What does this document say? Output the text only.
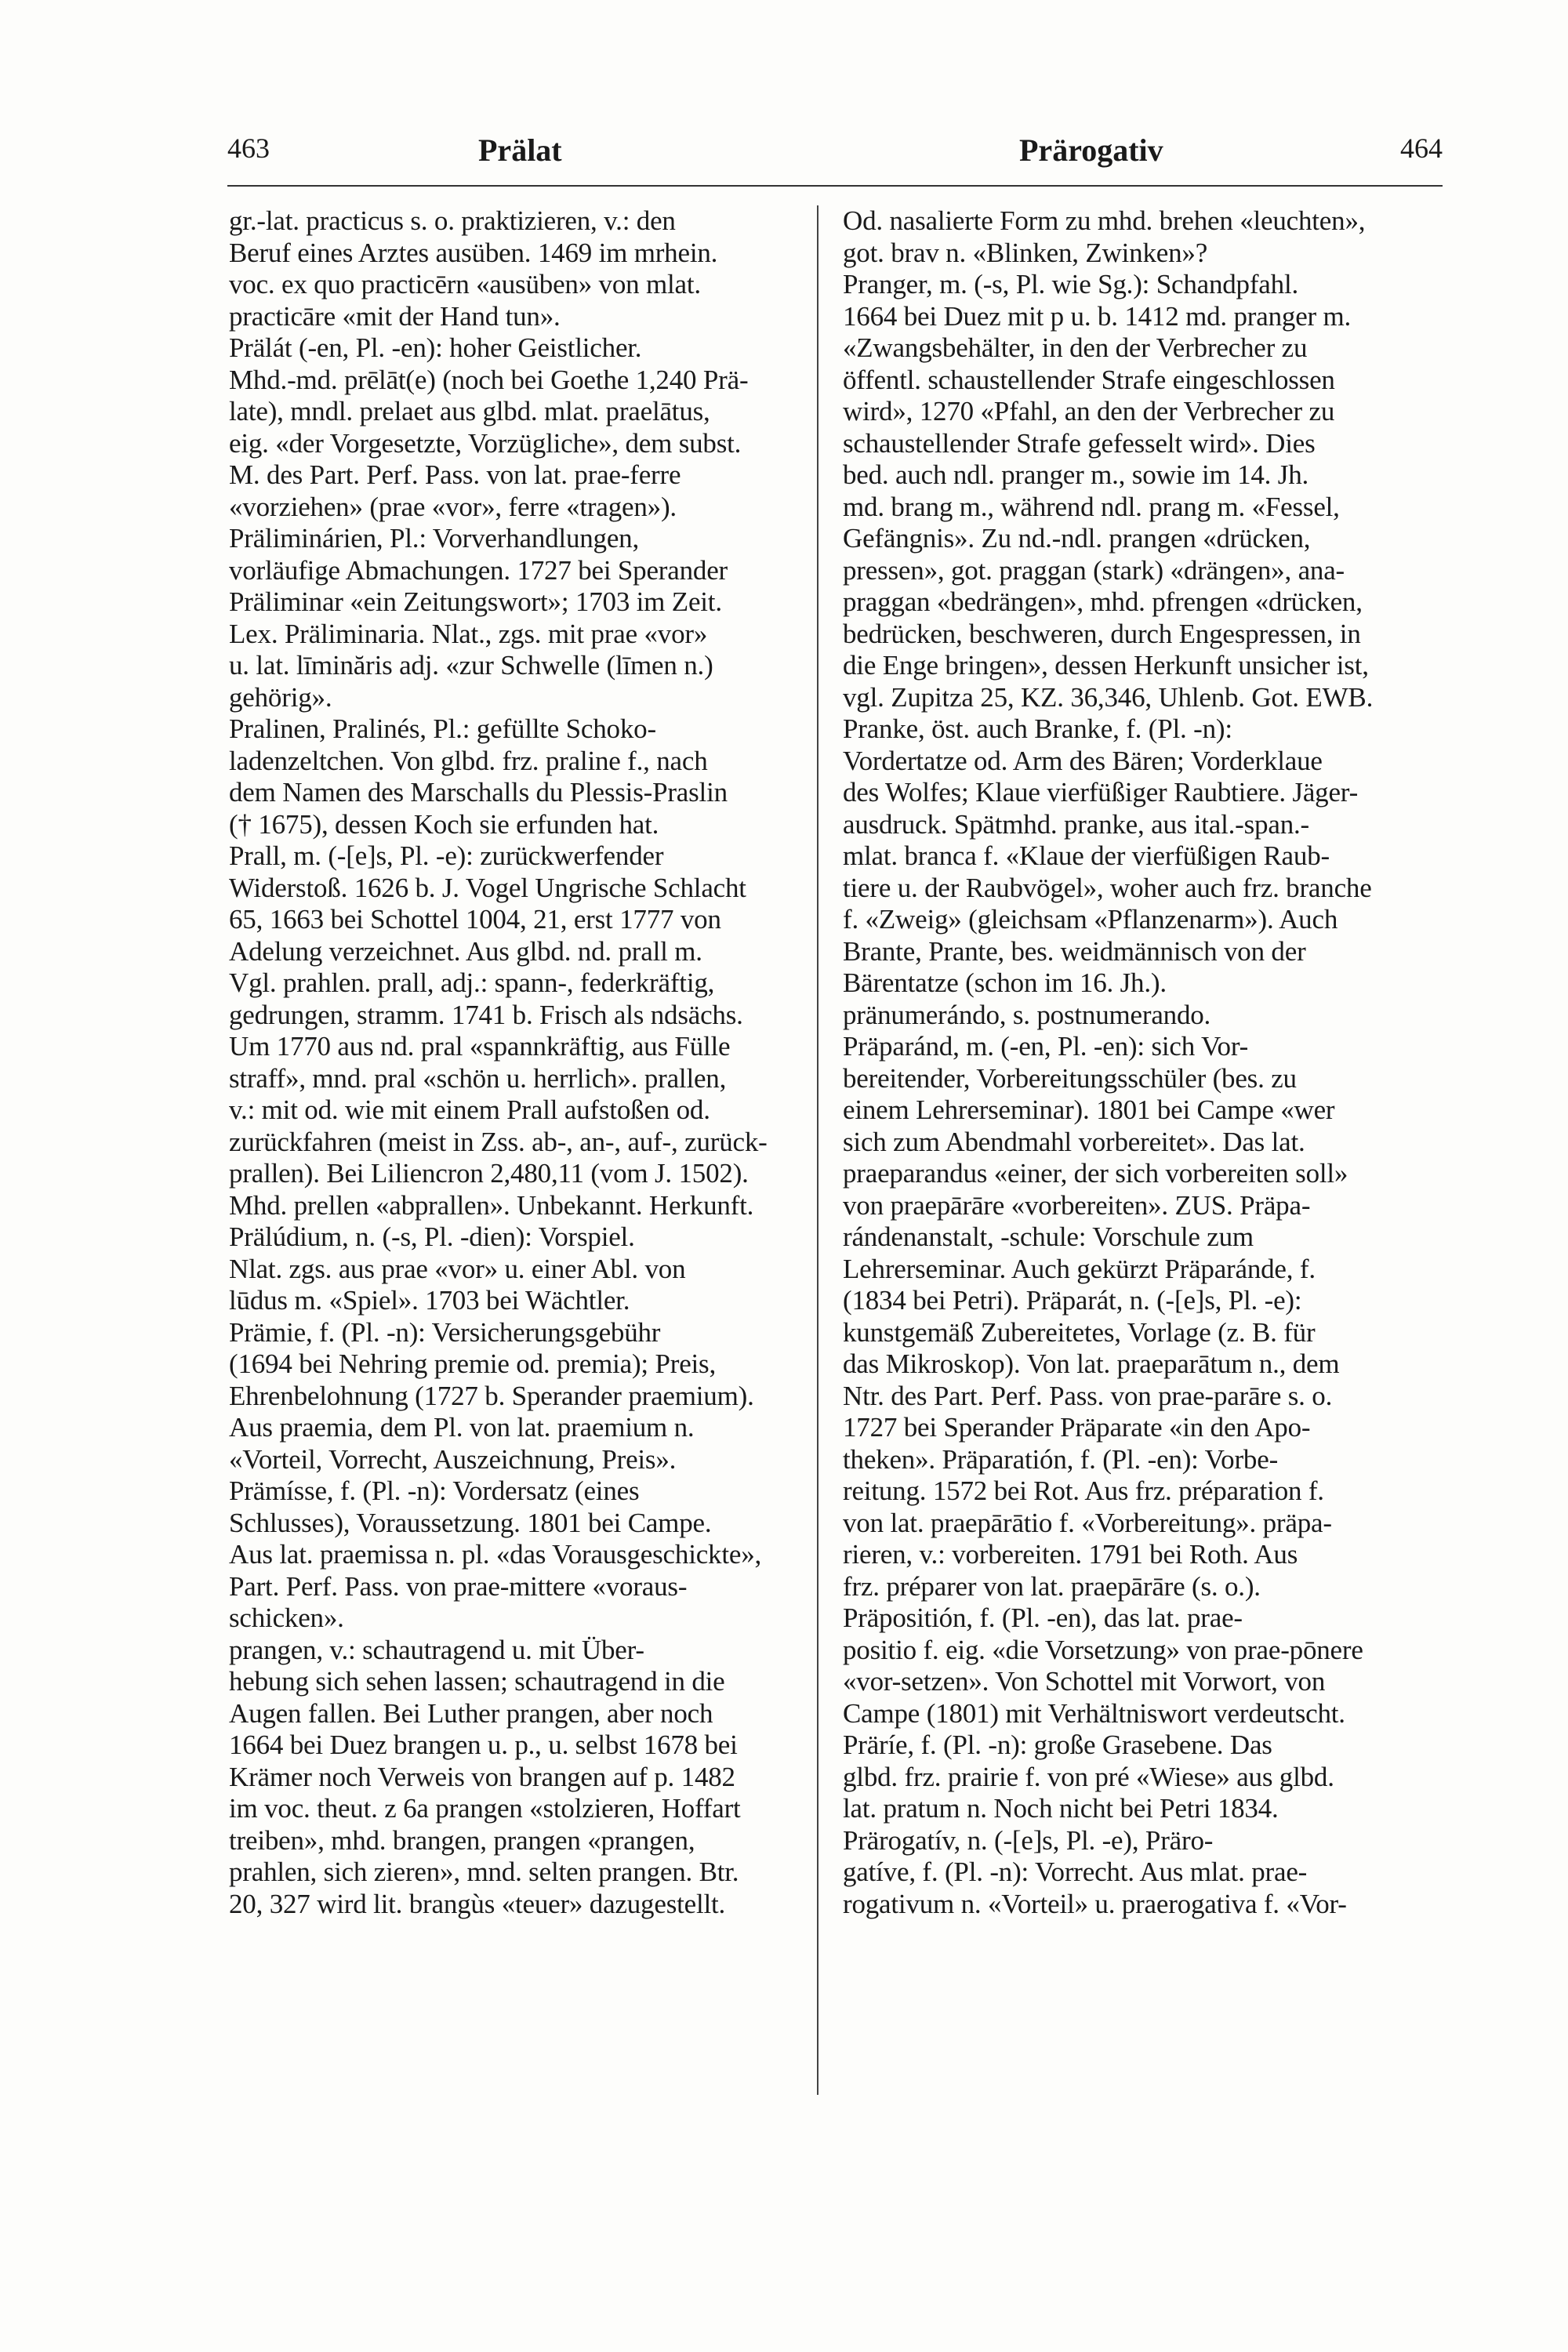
463	Prälat	Prärogativ	464
gr.-lat. practicus s. o. praktizieren, v.: den
Beruf eines Arztes ausüben. 1469 im mrhein.
voc. ex quo practicērn «ausüben» von mlat.
practicāre «mit der Hand tun».
Prälát (-en, Pl. -en): hoher Geistlicher.
Mhd.-md. prēlāt(e) (noch bei Goethe 1,240 Prä-
late), mndl. prelaet aus glbd. mlat. praelātus,
eig. «der Vorgesetzte, Vorzügliche», dem subst.
M. des Part. Perf. Pass. von lat. prae-ferre
«vorziehen» (prae «vor», ferre «tragen»).
Präliminárien, Pl.: Vorverhandlungen,
vorläufige Abmachungen. 1727 bei Sperander
Präliminar «ein Zeitungswort»; 1703 im Zeit.
Lex. Präliminaria. Nlat., zgs. mit prae «vor»
u. lat. līminăris adj. «zur Schwelle (līmen n.)
gehörig».
Pralinen, Pralinés, Pl.: gefüllte Schoko-
ladenzeltchen. Von glbd. frz. praline f., nach
dem Namen des Marschalls du Plessis-Praslin
(† 1675), dessen Koch sie erfunden hat.
Prall, m. (-[e]s, Pl. -e): zurückwerfender
Widerstoß. 1626 b. J. Vogel Ungrische Schlacht
65, 1663 bei Schottel 1004, 21, erst 1777 von
Adelung verzeichnet. Aus glbd. nd. prall m.
Vgl. prahlen. prall, adj.: spann-, federkräftig,
gedrungen, stramm. 1741 b. Frisch als ndsächs.
Um 1770 aus nd. pral «spannkräftig, aus Fülle
straff», mnd. pral «schön u. herrlich». prallen,
v.: mit od. wie mit einem Prall aufstoßen od.
zurückfahren (meist in Zss. ab-, an-, auf-, zurück-
prallen). Bei Liliencron 2,480,11 (vom J. 1502).
Mhd. prellen «abprallen». Unbekannt. Herkunft.
Prälúdium, n. (-s, Pl. -dien): Vorspiel.
Nlat. zgs. aus prae «vor» u. einer Abl. von
lūdus m. «Spiel». 1703 bei Wächtler.
Prämie, f. (Pl. -n): Versicherungsgebühr
(1694 bei Nehring premie od. premia); Preis,
Ehrenbelohnung (1727 b. Sperander praemium).
Aus praemia, dem Pl. von lat. praemium n.
«Vorteil, Vorrecht, Auszeichnung, Preis».
Prämísse, f. (Pl. -n): Vordersatz (eines
Schlusses), Voraussetzung. 1801 bei Campe.
Aus lat. praemissa n. pl. «das Vorausgeschickte»,
Part. Perf. Pass. von prae-mittere «voraus-
schicken».
prangen, v.: schautragend u. mit Über-
hebung sich sehen lassen; schautragend in die
Augen fallen. Bei Luther prangen, aber noch
1664 bei Duez brangen u. p., u. selbst 1678 bei
Krämer noch Verweis von brangen auf p. 1482
im voc. theut. z 6a prangen «stolzieren, Hoffart
treiben», mhd. brangen, prangen «prangen,
prahlen, sich zieren», mnd. selten prangen. Btr.
20, 327 wird lit. brangùs «teuer» dazugestellt.
Od. nasalierte Form zu mhd. brehen «leuchten»,
got. brav n. «Blinken, Zwinken»?
Pranger, m. (-s, Pl. wie Sg.): Schandpfahl.
1664 bei Duez mit p u. b. 1412 md. pranger m.
«Zwangsbehälter, in den der Verbrecher zu
öffentl. schaustellender Strafe eingeschlossen
wird», 1270 «Pfahl, an den der Verbrecher zu
schaustellender Strafe gefesselt wird». Dies
bed. auch ndl. pranger m., sowie im 14. Jh.
md. brang m., während ndl. prang m. «Fessel,
Gefängnis». Zu nd.-ndl. prangen «drücken,
pressen», got. praggan (stark) «drängen», ana-
praggan «bedrängen», mhd. pfrengen «drücken,
bedrücken, beschweren, durch Engespressen, in
die Enge bringen», dessen Herkunft unsicher ist,
vgl. Zupitza 25, KZ. 36,346, Uhlenb. Got. EWB.
Pranke, öst. auch Branke, f. (Pl. -n):
Vordertatze od. Arm des Bären; Vorderklaue
des Wolfes; Klaue vierfüßiger Raubtiere. Jäger-
ausdruck. Spätmhd. pranke, aus ital.-span.-
mlat. branca f. «Klaue der vierfüßigen Raub-
tiere u. der Raubvögel», woher auch frz. branche
f. «Zweig» (gleichsam «Pflanzenarm»). Auch
Brante, Prante, bes. weidmännisch von der
Bärentatze (schon im 16. Jh.).
pränumerándo, s. postnumerando.
Präparánd, m. (-en, Pl. -en): sich Vor-
bereitender, Vorbereitungsschüler (bes. zu
einem Lehrerseminar). 1801 bei Campe «wer
sich zum Abendmahl vorbereitet». Das lat.
praeparandus «einer, der sich vorbereiten soll»
von praepārāre «vorbereiten». ZUS. Präpa-
rándenanstalt, -schule: Vorschule zum
Lehrerseminar. Auch gekürzt Präparánde, f.
(1834 bei Petri). Präparát, n. (-[e]s, Pl. -e):
kunstgemäß Zubereitetes, Vorlage (z. B. für
das Mikroskop). Von lat. praeparātum n., dem
Ntr. des Part. Perf. Pass. von prae-parāre s. o.
1727 bei Sperander Präparate «in den Apo-
theken». Präparatión, f. (Pl. -en): Vorbe-
reitung. 1572 bei Rot. Aus frz. préparation f.
von lat. praepārātio f. «Vorbereitung». präpa-
rieren, v.: vorbereiten. 1791 bei Roth. Aus
frz. préparer von lat. praepārāre (s. o.).
Präpositión, f. (Pl. -en), das lat. prae-
positio f. eig. «die Vorsetzung» von prae-pōnere
«vor-setzen». Von Schottel mit Vorwort, von
Campe (1801) mit Verhältniswort verdeutscht.
Präríe, f. (Pl. -n): große Grasebene. Das
glbd. frz. prairie f. von pré «Wiese» aus glbd.
lat. pratum n. Noch nicht bei Petri 1834.
Prärogatív, n. (-[e]s, Pl. -e), Präro-
gatíve, f. (Pl. -n): Vorrecht. Aus mlat. prae-
rogativum n. «Vorteil» u. praerogativa f. «Vor-
